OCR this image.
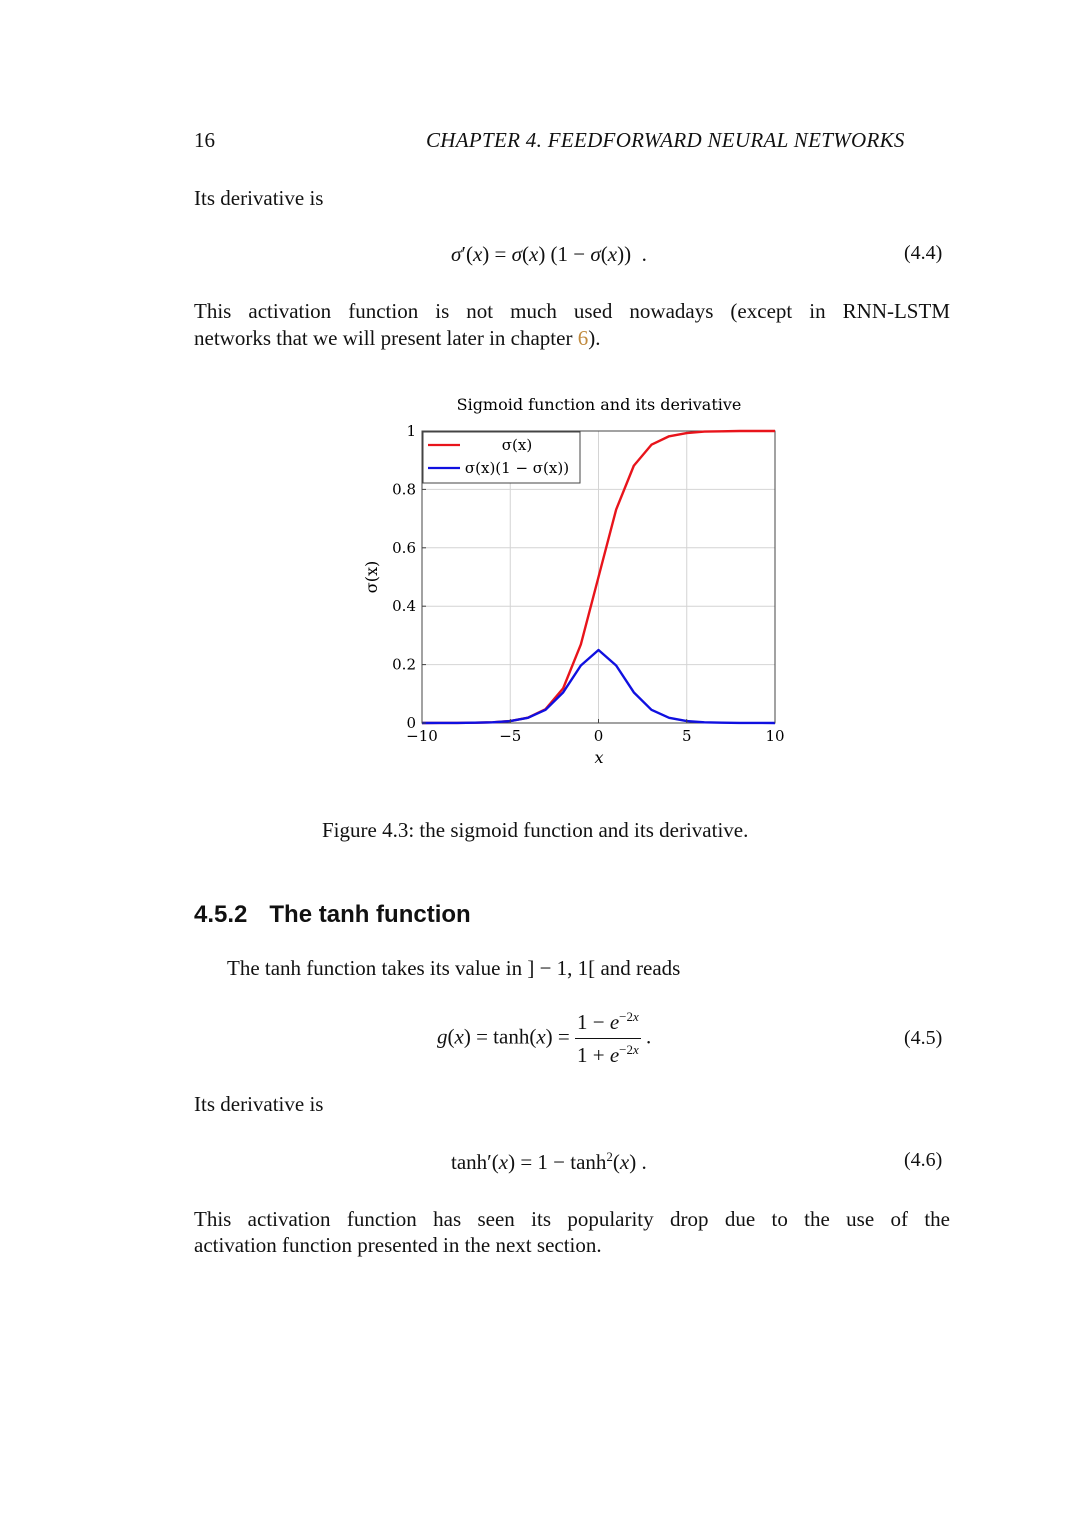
16	CHAPTER 4. FEEDFORWARD NEURAL NETWORKS
Its derivative is
σ′(x) = σ(x) (1 − σ(x))  .	(4.4)
This activation function is not much used nowadays (except in RNN-LSTM
networks that we will present later in chapter 6).
−10	−5	0	5	10
0
0.2
0.4
0.6
0.8
1
Sigmoid function and its derivative
x
σ(x)
σ(x)
σ(x)(1 − σ(x))
Figure 4.3: the sigmoid function and its derivative.
4.5.2 The tanh function
The tanh function takes its value in ] − 1, 1[ and reads
$g(x) = \tanh(x) = \frac{1 - e^{-2x}}{1 + e^{-2x}}$ .	(4.5)
Its derivative is
$\tanh'(x) = 1 - \tanh^2(x)$ .	(4.6)
This activation function has seen its popularity drop due to the use of the
activation function presented in the next section.
